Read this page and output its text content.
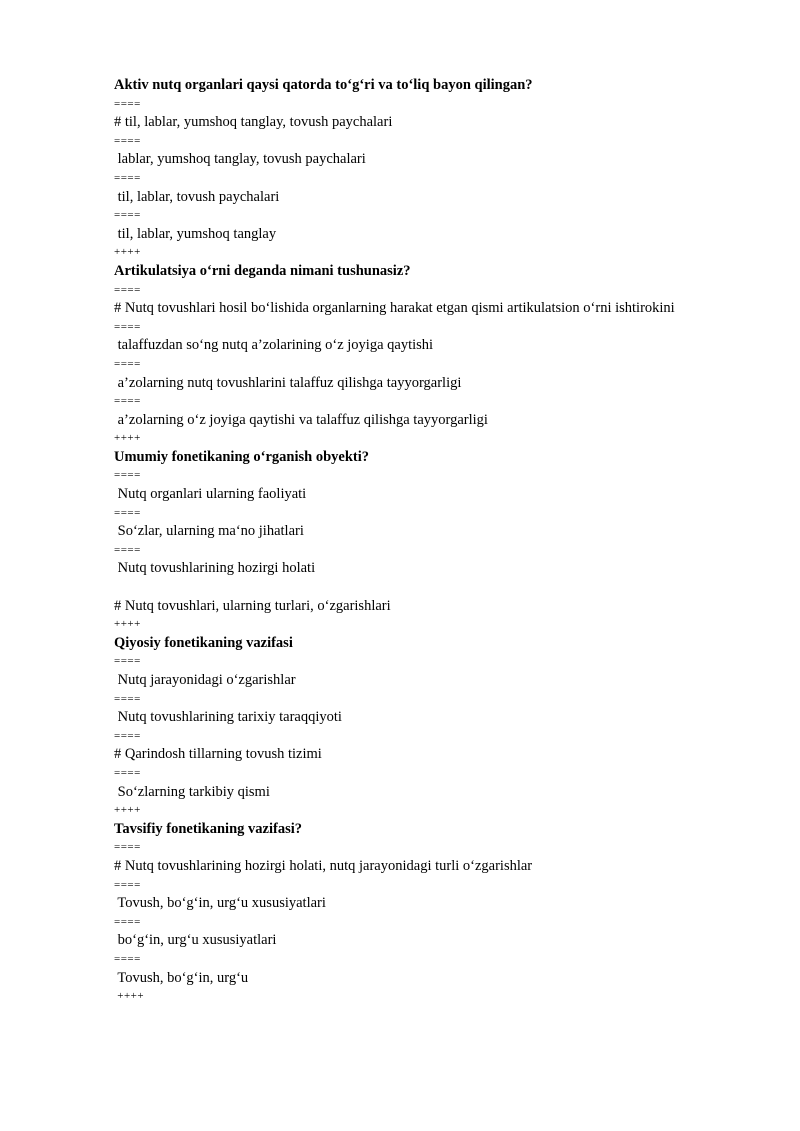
Aktiv nutq organlari qaysi qatorda to‘g‘ri va to‘liq bayon qilingan?
====
# til, lablar, yumshoq tanglay, tovush paychalari
====
lablar, yumshoq tanglay, tovush paychalari
====
til, lablar, tovush paychalari
====
til, lablar, yumshoq tanglay
++++
Artikulatsiya o‘rni deganda nimani tushunasiz?
====
# Nutq tovushlari hosil bo‘lishida organlarning harakat etgan qismi artikulatsion o‘rni ishtirokini
====
talaffuzdan so‘ng nutq a’zolarining o‘z joyiga qaytishi
====
a’zolarning nutq tovushlarini talaffuz qilishga tayyorgarligi
====
a’zolarning o‘z joyiga qaytishi va talaffuz qilishga tayyorgarligi
++++
Umumiy fonetikaning o‘rganish obyekti?
====
Nutq organlari ularning faoliyati
====
So‘zlar, ularning ma‘no jihatlari
====
Nutq tovushlarining hozirgi holati
# Nutq tovushlari, ularning turlari, o‘zgarishlari
++++
Qiyosiy fonetikaning vazifasi
====
Nutq jarayonidagi o‘zgarishlar
====
Nutq tovushlarining tarixiy taraqqiyoti
====
# Qarindosh tillarning tovush tizimi
====
So‘zlarning tarkibiy qismi
++++
Tavsifiy fonetikaning vazifasi?
====
# Nutq tovushlarining hozirgi holati, nutq jarayonidagi turli o‘zgarishlar
====
Tovush, bo‘g‘in, urg‘u xususiyatlari
====
bo‘g‘in, urg‘u xususiyatlari
====
Tovush, bo‘g‘in, urg‘u
++++
